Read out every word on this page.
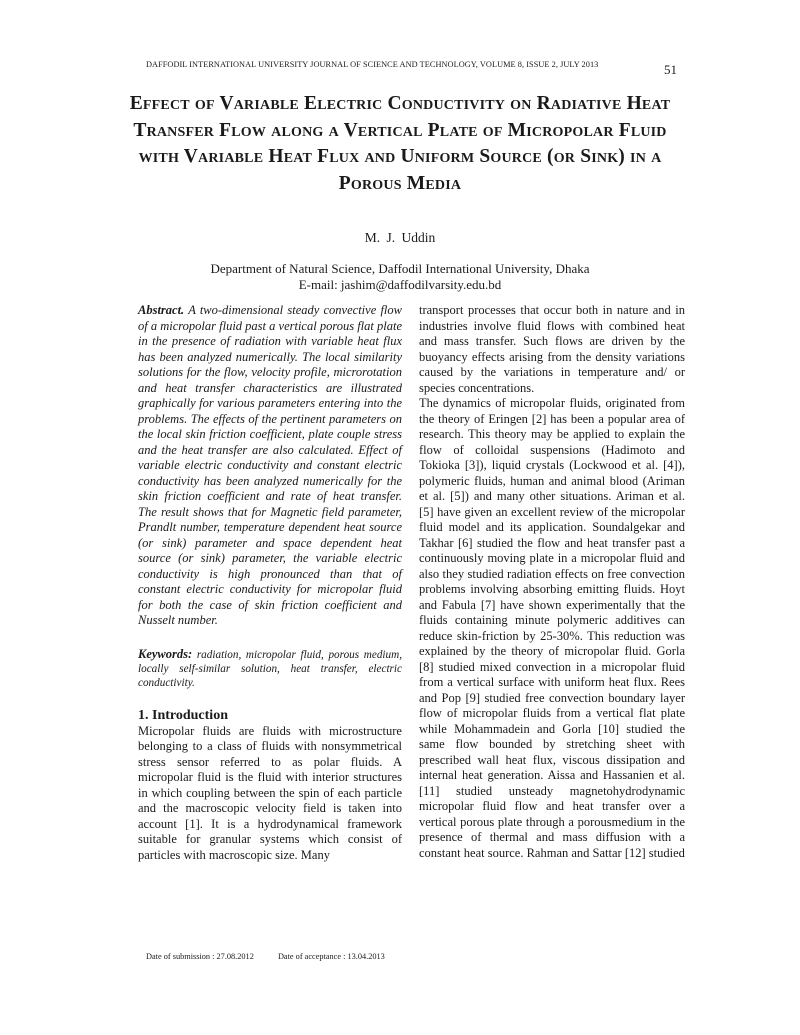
DAFFODIL INTERNATIONAL UNIVERSITY JOURNAL OF SCIENCE AND TECHNOLOGY, VOLUME 8, ISSUE 2, JULY 2013	51
Effect of Variable Electric Conductivity on Radiative Heat Transfer Flow along a Vertical Plate of Micropolar Fluid with Variable Heat Flux and Uniform Source (or Sink) in a Porous Media
M. J. Uddin
Department of Natural Science, Daffodil International University, Dhaka
E-mail: jashim@daffodilvarsity.edu.bd

Abstract. A two-dimensional steady convective flow of a micropolar fluid past a vertical porous flat plate in the presence of radiation with variable heat flux has been analyzed numerically. The local similarity solutions for the flow, velocity profile, microrotation and heat transfer characteristics are illustrated graphically for various parameters entering into the problems. The effects of the pertinent parameters on the local skin friction coefficient, plate couple stress and the heat transfer are also calculated. Effect of variable electric conductivity and constant electric conductivity has been analyzed numerically for the skin friction coefficient and rate of heat transfer. The result shows that for Magnetic field parameter, Prandlt number, temperature dependent heat source (or sink) parameter and space dependent heat source (or sink) parameter, the variable electric conductivity is high pronounced than that of constant electric conductivity for micropolar fluid for both the case of skin friction coefficient and Nusselt number.

Keywords: radiation, micropolar fluid, porous medium, locally self-similar solution, heat transfer, electric conductivity.

1. Introduction

Micropolar fluids are fluids with microstructure belonging to a class of fluids with nonsymmetrical stress sensor referred to as polar fluids. A micropolar fluid is the fluid with interior structures in which coupling between the spin of each particle and the macroscopic velocity field is taken into account [1]. It is a hydrodynamical framework suitable for granular systems which consist of particles with macroscopic size. Many

transport processes that occur both in nature and in industries involve fluid flows with combined heat and mass transfer. Such flows are driven by the buoyancy effects arising from the density variations caused by the variations in temperature and/ or species concentrations.

The dynamics of micropolar fluids, originated from the theory of Eringen [2] has been a popular area of research. This theory may be applied to explain the flow of colloidal suspensions (Hadimoto and Tokioka [3]), liquid crystals (Lockwood et al. [4]), polymeric fluids, human and animal blood (Ariman et al. [5]) and many other situations. Ariman et al. [5] have given an excellent review of the micropolar fluid model and its application. Soundalgekar and Takhar [6] studied the flow and heat transfer past a continuously moving plate in a micropolar fluid and also they studied radiation effects on free convection problems involving absorbing emitting fluids. Hoyt and Fabula [7] have shown experimentally that the fluids containing minute polymeric additives can reduce skin-friction by 25-30%. This reduction was explained by the theory of micropolar fluid. Gorla [8] studied mixed convection in a micropolar fluid from a vertical surface with uniform heat flux. Rees and Pop [9] studied free convection boundary layer flow of micropolar fluids from a vertical flat plate while Mohammadein and Gorla [10] studied the same flow bounded by stretching sheet with prescribed wall heat flux, viscous dissipation and internal heat generation. Aissa and Hassanien et al. [11] studied unsteady magnetohydrodynamic micropolar fluid flow and heat transfer over a vertical porous plate through a porousmedium in the presence of thermal and mass diffusion with a constant heat source. Rahman and Sattar [12] studied

Date of submission : 27.08.2012	Date of acceptance : 13.04.2013
